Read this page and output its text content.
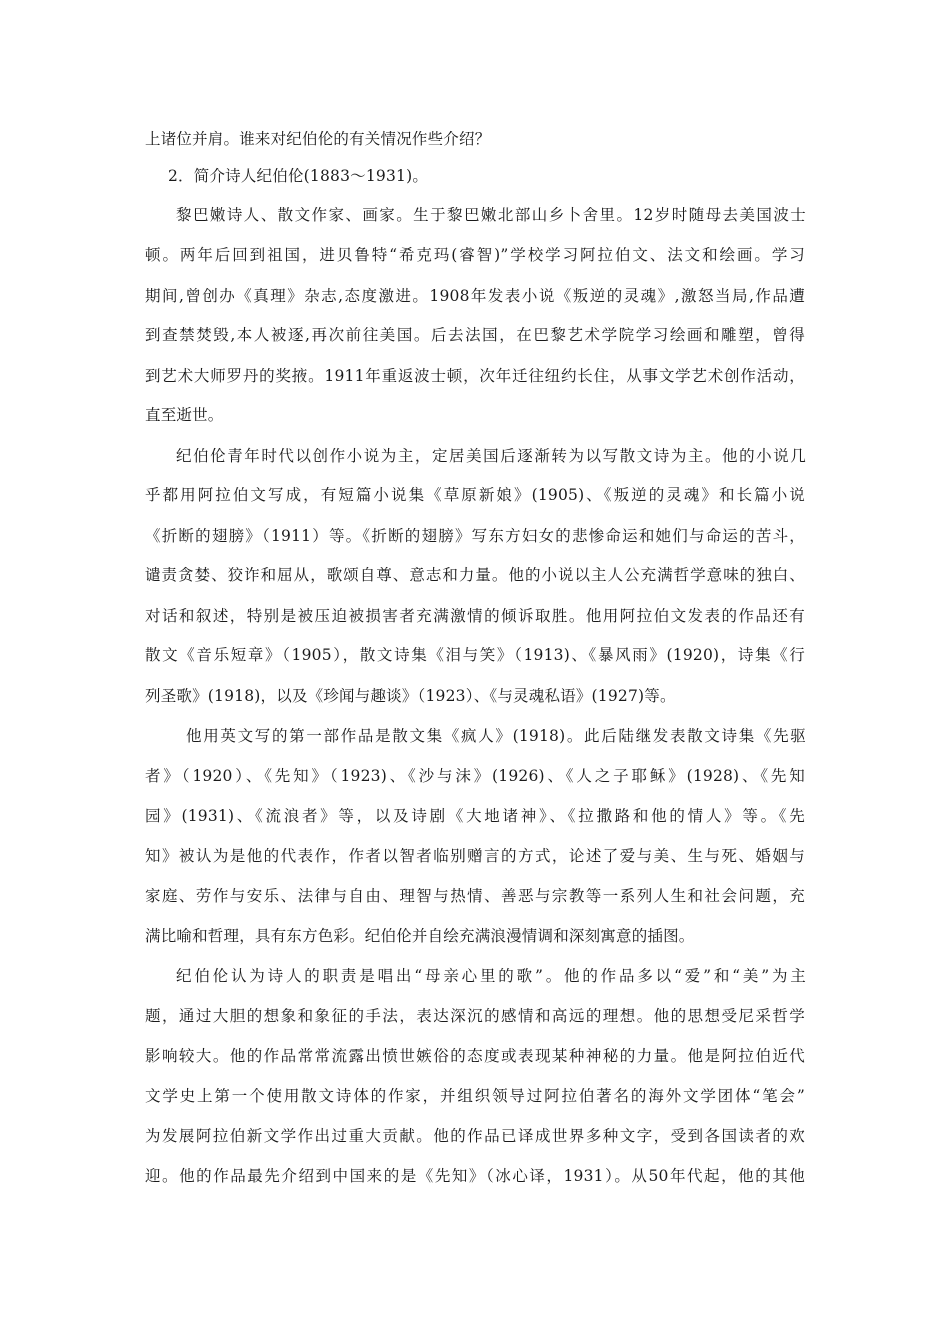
上诸位并肩。谁来对纪伯伦的有关情况作些介绍？
2．简介诗人纪伯伦(1883～1931)。
黎巴嫩诗人、散文作家、画家。生于黎巴嫩北部山乡卜舍里。12岁时随母去美国波士
顿。两年后回到祖国，进贝鲁特“希克玛(睿智)”学校学习阿拉伯文、法文和绘画。学习
期间,曾创办《真理》杂志,态度激进。1908年发表小说《叛逆的灵魂》,激怒当局,作品遭
到查禁焚毁,本人被逐,再次前往美国。后去法国，在巴黎艺术学院学习绘画和雕塑，曾得
到艺术大师罗丹的奖掖。1911年重返波士顿，次年迁往纽约长住，从事文学艺术创作活动，
直至逝世。
纪伯伦青年时代以创作小说为主，定居美国后逐渐转为以写散文诗为主。他的小说几
乎都用阿拉伯文写成，有短篇小说集《草原新娘》(1905)、《叛逆的灵魂》和长篇小说
《折断的翅膀》（1911）等。《折断的翅膀》写东方妇女的悲惨命运和她们与命运的苦斗，
谴责贪婪、狡诈和屈从，歌颂自尊、意志和力量。他的小说以主人公充满哲学意味的独白、
对话和叙述，特别是被压迫被损害者充满激情的倾诉取胜。他用阿拉伯文发表的作品还有
散文《音乐短章》（1905），散文诗集《泪与笑》（1913)、《暴风雨》(1920)，诗集《行
列圣歌》(1918)，以及《珍闻与趣谈》（1923）、《与灵魂私语》(1927)等。
他用英文写的第一部作品是散文集《疯人》(1918)。此后陆继发表散文诗集《先驱
者》（1920）、《先知》（1923)、《沙与沫》(1926)、《人之子耶稣》(1928)、《先知
园》(1931)、《流浪者》等，以及诗剧《大地诸神》、《拉撒路和他的情人》等。《先
知》被认为是他的代表作，作者以智者临别赠言的方式，论述了爱与美、生与死、婚姻与
家庭、劳作与安乐、法律与自由、理智与热情、善恶与宗教等一系列人生和社会问题，充
满比喻和哲理，具有东方色彩。纪伯伦并自绘充满浪漫情调和深刻寓意的插图。
纪伯伦认为诗人的职责是唱出“母亲心里的歌”。他的作品多以“爱”和“美”为主
题，通过大胆的想象和象征的手法，表达深沉的感情和高远的理想。他的思想受尼采哲学
影响较大。他的作品常常流露出愤世嫉俗的态度或表现某种神秘的力量。他是阿拉伯近代
文学史上第一个使用散文诗体的作家，并组织领导过阿拉伯著名的海外文学团体“笔会”
为发展阿拉伯新文学作出过重大贡献。他的作品已译成世界多种文字，受到各国读者的欢
迎。他的作品最先介绍到中国来的是《先知》（冰心译，1931）。从50年代起，他的其他
